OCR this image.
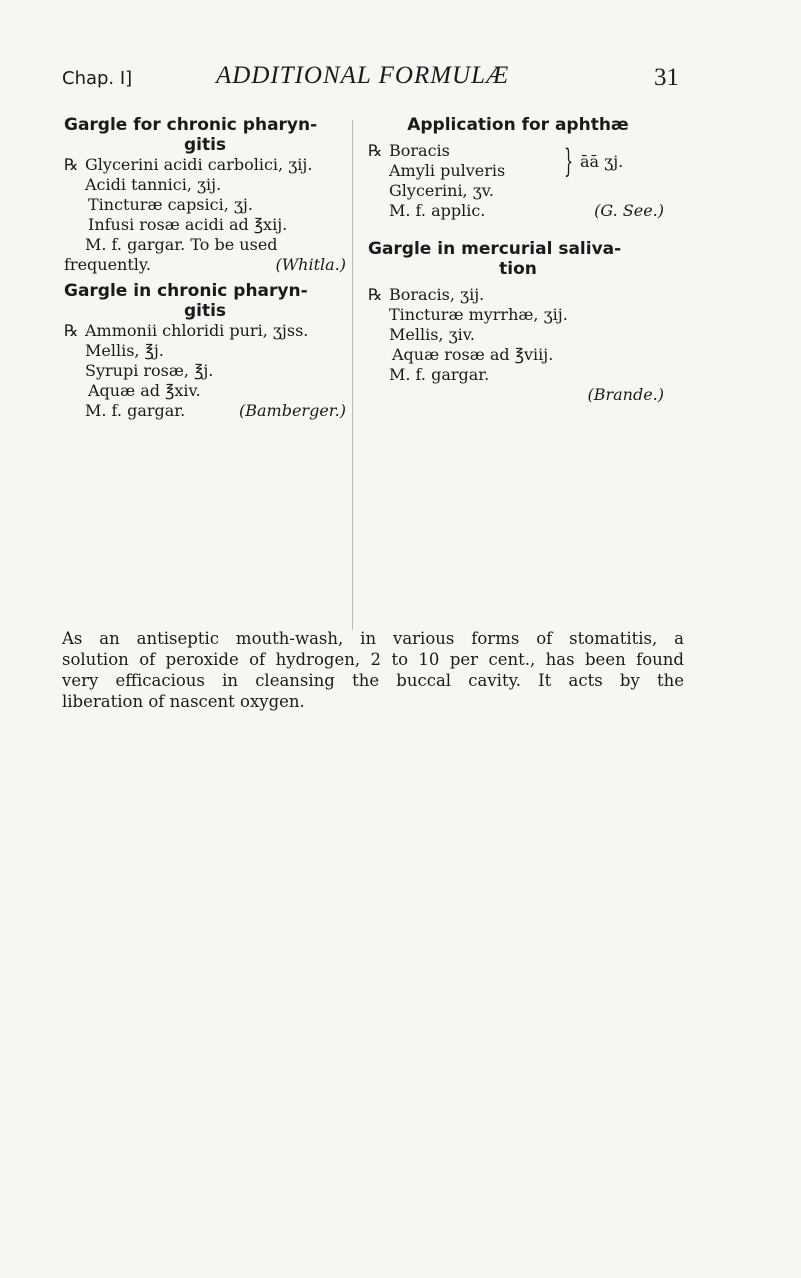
Chap. I]	ADDITIONAL FORMULÆ	31
Gargle for chronic pharyn-
gitis
℞ Glycerini acidi carbolici, ʒij.
Acidi tannici, ʒij.
Tincturæ capsici, ʒj.
Infusi rosæ acidi ad ℥xij.
M. f. gargar. To be used
frequently.	(Whitla.)
Gargle in chronic pharyn-
gitis
℞ Ammonii chloridi puri, ʒjss.
Mellis, ℥j.
Syrupi rosæ, ℥j.
Aquæ ad ℥xiv.
M. f. gargar.	(Bamberger.)
Application for aphthæ
℞ Boracis
Amyli pulveris	} āā ʒj.
Glycerini, ʒv.
M. f. applic.	(G. See.)
Gargle in mercurial saliva-
tion
℞ Boracis, ʒij.
Tincturæ myrrhæ, ʒij.
Mellis, ʒiv.
Aquæ rosæ ad ℥viij.
M. f. gargar.
(Brande.)

As an antiseptic mouth-wash, in various forms of stomatitis, a
solution of peroxide of hydrogen, 2 to 10 per cent., has been found
very efficacious in cleansing the buccal cavity. It acts by the
liberation of nascent oxygen.
